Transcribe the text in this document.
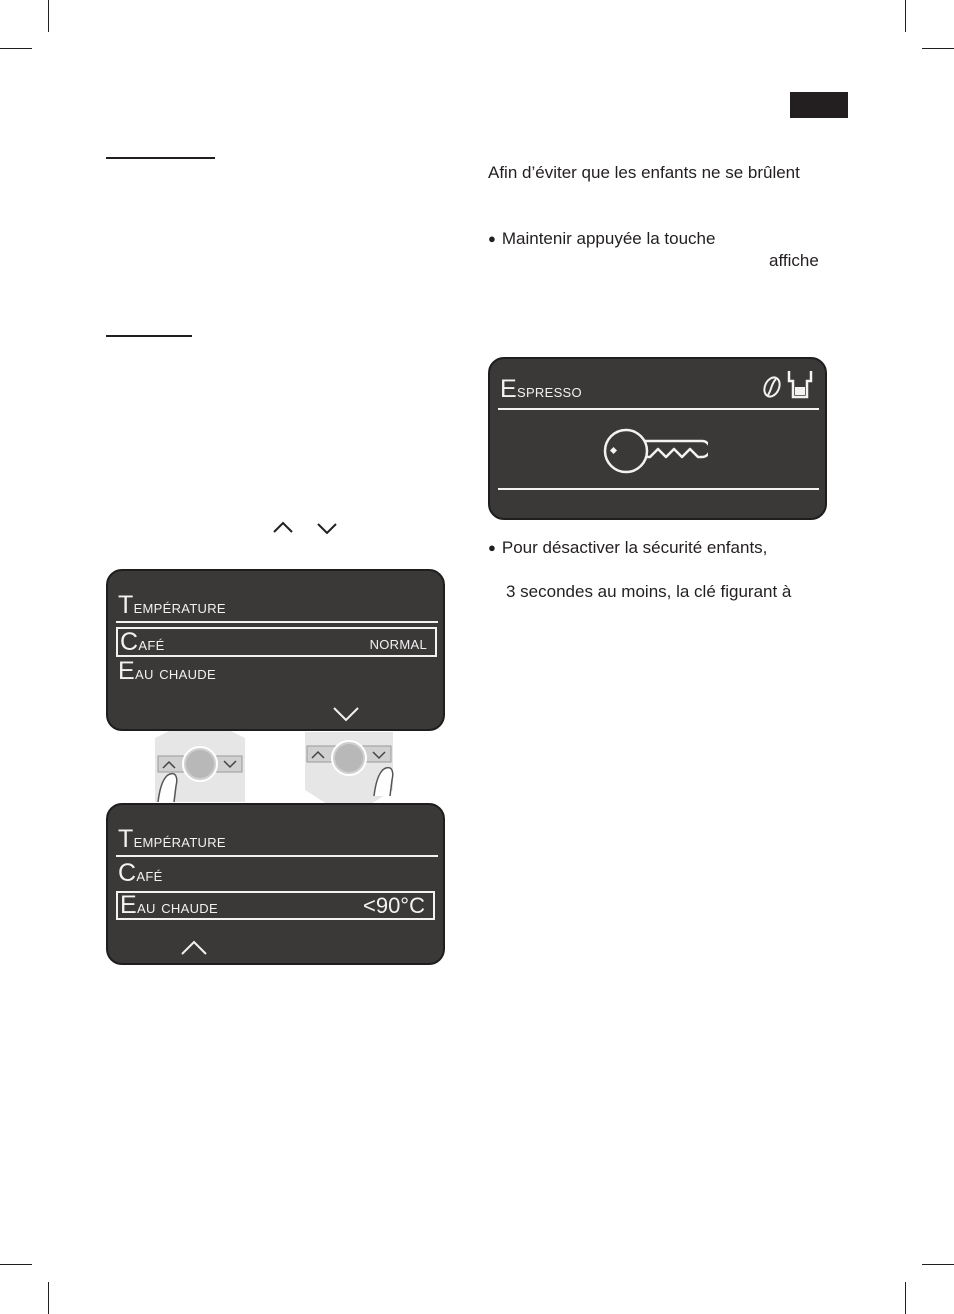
Afin d’éviter que les enfants ne se brûlent
● Maintenir appuyée la touche
affiche
● Pour désactiver la sécurité enfants,
3 secondes au moins, la clé figurant à
Espresso
Température
Café	normal
Eau chaude
Température
Café
Eau chaude	<90°C
